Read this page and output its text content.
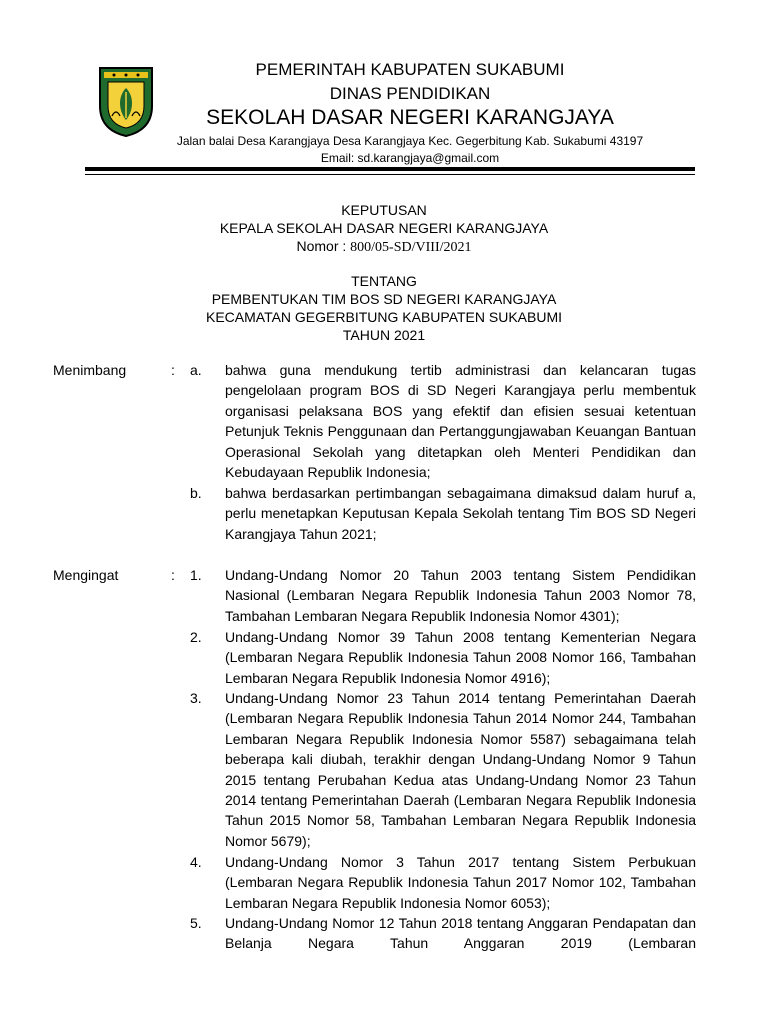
PEMERINTAH KABUPATEN SUKABUMI
DINAS PENDIDIKAN
SEKOLAH DASAR NEGERI KARANGJAYA
Jalan balai Desa Karangjaya Desa Karangjaya Kec. Gegerbitung Kab. Sukabumi 43197
Email: sd.karangjaya@gmail.com
KEPUTUSAN
KEPALA SEKOLAH DASAR NEGERI KARANGJAYA
Nomor : 800/05-SD/VIII/2021
TENTANG
PEMBENTUKAN TIM BOS SD NEGERI KARANGJAYA
KECAMATAN GEGERBITUNG KABUPATEN SUKABUMI
TAHUN 2021
Menimbang	: a. bahwa guna mendukung tertib administrasi dan kelancaran tugas pengelolaan program BOS di SD Negeri Karangjaya perlu membentuk organisasi pelaksana BOS yang efektif dan efisien sesuai ketentuan Petunjuk Teknis Penggunaan dan Pertanggungjawaban Keuangan Bantuan Operasional Sekolah yang ditetapkan oleh Menteri Pendidikan dan Kebudayaan Republik Indonesia;
b. bahwa berdasarkan pertimbangan sebagaimana dimaksud dalam huruf a, perlu menetapkan Keputusan Kepala Sekolah tentang Tim BOS SD Negeri Karangjaya Tahun 2021;
Mengingat	: 1. Undang-Undang Nomor 20 Tahun 2003 tentang Sistem Pendidikan Nasional (Lembaran Negara Republik Indonesia Tahun 2003 Nomor 78, Tambahan Lembaran Negara Republik Indonesia Nomor 4301);
2. Undang-Undang Nomor 39 Tahun 2008 tentang Kementerian Negara (Lembaran Negara Republik Indonesia Tahun 2008 Nomor 166, Tambahan Lembaran Negara Republik Indonesia Nomor 4916);
3. Undang-Undang Nomor 23 Tahun 2014 tentang Pemerintahan Daerah (Lembaran Negara Republik Indonesia Tahun 2014 Nomor 244, Tambahan Lembaran Negara Republik Indonesia Nomor 5587) sebagaimana telah beberapa kali diubah, terakhir dengan Undang-Undang Nomor 9 Tahun 2015 tentang Perubahan Kedua atas Undang-Undang Nomor 23 Tahun 2014 tentang Pemerintahan Daerah (Lembaran Negara Republik Indonesia Tahun 2015 Nomor 58, Tambahan Lembaran Negara Republik Indonesia Nomor 5679);
4. Undang-Undang Nomor 3 Tahun 2017 tentang Sistem Perbukuan (Lembaran Negara Republik Indonesia Tahun 2017 Nomor 102, Tambahan Lembaran Negara Republik Indonesia Nomor 6053);
5. Undang-Undang Nomor 12 Tahun 2018 tentang Anggaran Pendapatan dan Belanja Negara Tahun Anggaran 2019 (Lembaran
